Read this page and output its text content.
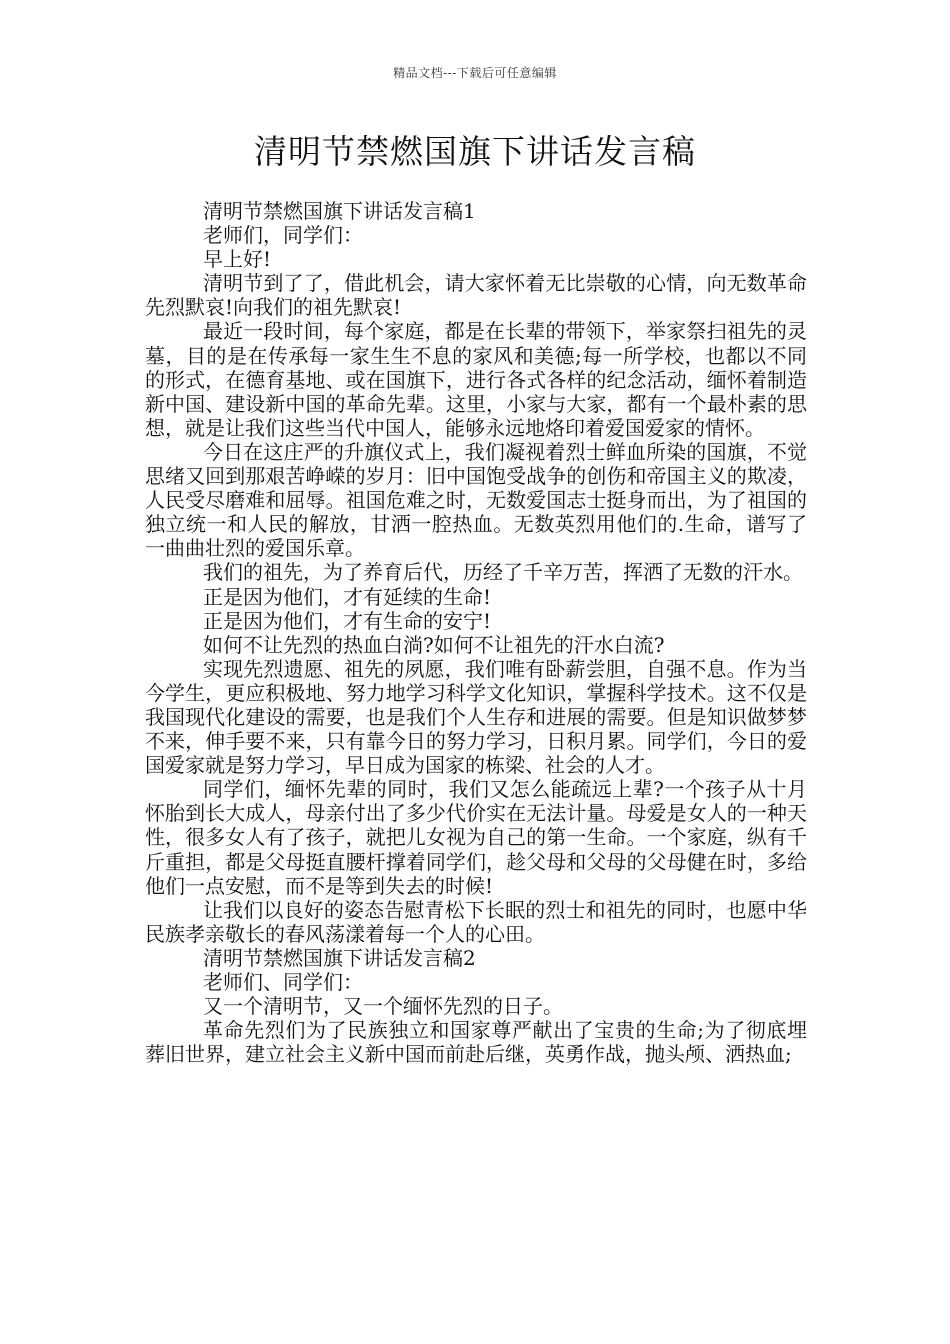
精品文档---下载后可任意编辑
清明节禁燃国旗下讲话发言稿

清明节禁燃国旗下讲话发言稿1

老师们，同学们：

早上好!

清明节到了了，借此机会，请大家怀着无比崇敬的心情，向无数革命先烈默哀!向我们的祖先默哀!

最近一段时间，每个家庭，都是在长辈的带领下，举家祭扫祖先的灵墓，目的是在传承每一家生生不息的家风和美德;每一所学校，也都以不同的形式，在德育基地、或在国旗下，进行各式各样的纪念活动，缅怀着制造新中国、建设新中国的革命先辈。这里，小家与大家，都有一个最朴素的思想，就是让我们这些当代中国人，能够永远地烙印着爱国爱家的情怀。

今日在这庄严的升旗仪式上，我们凝视着烈士鲜血所染的国旗，不觉思绪又回到那艰苦峥嵘的岁月：旧中国饱受战争的创伤和帝国主义的欺凌，人民受尽磨难和屈辱。祖国危难之时，无数爱国志士挺身而出，为了祖国的独立统一和人民的解放，甘洒一腔热血。无数英烈用他们的.生命，谱写了一曲曲壮烈的爱国乐章。

我们的祖先，为了养育后代，历经了千辛万苦，挥洒了无数的汗水。

正是因为他们，才有延续的生命!

正是因为他们，才有生命的安宁!

如何不让先烈的热血白淌?如何不让祖先的汗水白流?

实现先烈遗愿、祖先的夙愿，我们唯有卧薪尝胆，自强不息。作为当今学生，更应积极地、努力地学习科学文化知识，掌握科学技术。这不仅是我国现代化建设的需要，也是我们个人生存和进展的需要。但是知识做梦梦不来，伸手要不来，只有靠今日的努力学习，日积月累。同学们，今日的爱国爱家就是努力学习，早日成为国家的栋梁、社会的人才。

同学们，缅怀先辈的同时，我们又怎么能疏远上辈?一个孩子从十月怀胎到长大成人，母亲付出了多少代价实在无法计量。母爱是女人的一种天性，很多女人有了孩子，就把儿女视为自己的第一生命。一个家庭，纵有千斤重担，都是父母挺直腰杆撑着同学们，趁父母和父母的父母健在时，多给他们一点安慰，而不是等到失去的时候!

让我们以良好的姿态告慰青松下长眠的烈士和祖先的同时，也愿中华民族孝亲敬长的春风荡漾着每一个人的心田。

清明节禁燃国旗下讲话发言稿2

老师们、同学们：

又一个清明节，又一个缅怀先烈的日子。

革命先烈们为了民族独立和国家尊严献出了宝贵的生命;为了彻底埋葬旧世界，建立社会主义新中国而前赴后继，英勇作战，抛头颅、洒热血;
